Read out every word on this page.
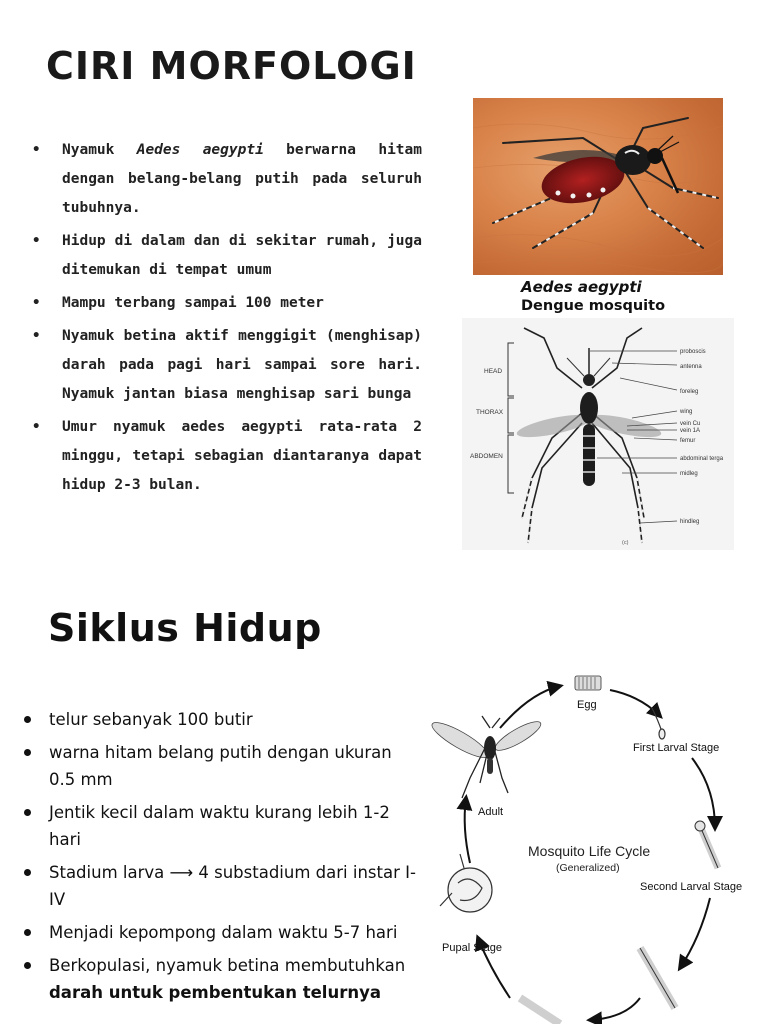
CIRI MORFOLOGI
• Nyamuk Aedes aegypti berwarna hitam dengan belang-belang putih pada seluruh tubuhnya.
• Hidup di dalam dan di sekitar rumah, juga ditemukan di tempat umum
• Mampu terbang sampai 100 meter
• Nyamuk betina aktif menggigit (menghisap) darah pada pagi hari sampai sore hari. Nyamuk jantan biasa menghisap sari bunga
• Umur nyamuk aedes aegypti rata-rata 2 minggu, tetapi sebagian diantaranya dapat hidup 2-3 bulan.
Aedes aegypti
Dengue mosquito
HEAD
THORAX
ABDOMEN
proboscis
antenna
foreleg
wing
vein Cu
vein 1A
femur
abdominal terga
midleg
hindleg
(c)
Siklus Hidup
telur sebanyak 100 butir
warna hitam belang putih dengan ukuran 0.5 mm
Jentik kecil dalam waktu kurang lebih 1-2 hari
Stadium larva ⟶ 4 substadium dari instar I-IV
Menjadi kepompong dalam waktu 5-7 hari
Berkopulasi, nyamuk betina membutuhkan darah untuk pembentukan telurnya
Egg
First Larval Stage
Second Larval Stage
Pupal Stage
Adult
Mosquito Life Cycle
(Generalized)
